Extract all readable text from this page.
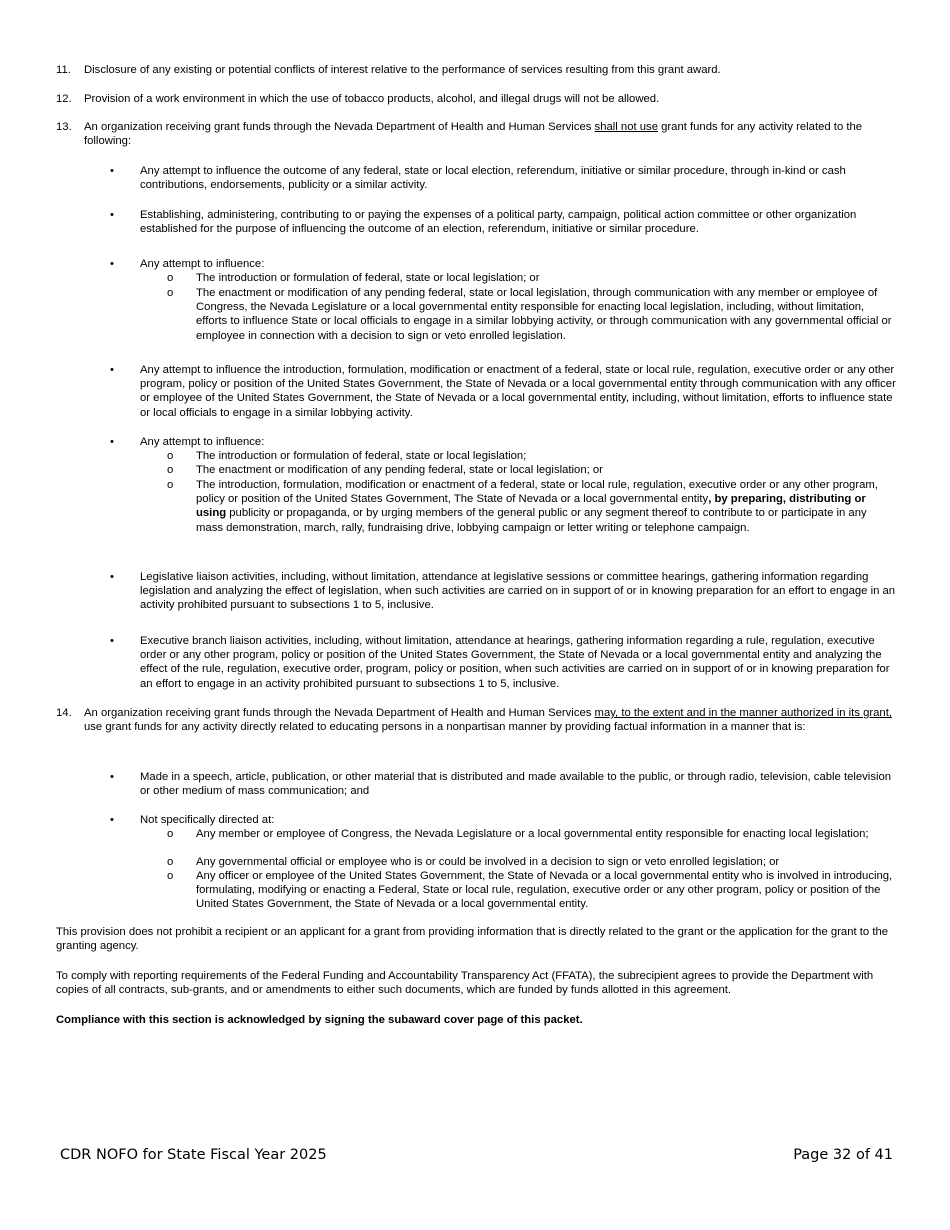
11. Disclosure of any existing or potential conflicts of interest relative to the performance of services resulting from this grant award.
12. Provision of a work environment in which the use of tobacco products, alcohol, and illegal drugs will not be allowed.
13. An organization receiving grant funds through the Nevada Department of Health and Human Services shall not use grant funds for any activity related to the following:
• Any attempt to influence the outcome of any federal, state or local election, referendum, initiative or similar procedure, through in-kind or cash contributions, endorsements, publicity or a similar activity.
• Establishing, administering, contributing to or paying the expenses of a political party, campaign, political action committee or other organization established for the purpose of influencing the outcome of an election, referendum, initiative or similar procedure.
• Any attempt to influence:
o The introduction or formulation of federal, state or local legislation; or
o The enactment or modification of any pending federal, state or local legislation, through communication with any member or employee of Congress, the Nevada Legislature or a local governmental entity responsible for enacting local legislation, including, without limitation, efforts to influence State or local officials to engage in a similar lobbying activity, or through communication with any governmental official or employee in connection with a decision to sign or veto enrolled legislation.
• Any attempt to influence the introduction, formulation, modification or enactment of a federal, state or local rule, regulation, executive order or any other program, policy or position of the United States Government, the State of Nevada or a local governmental entity through communication with any officer or employee of the United States Government, the State of Nevada or a local governmental entity, including, without limitation, efforts to influence state or local officials to engage in a similar lobbying activity.
• Any attempt to influence:
o The introduction or formulation of federal, state or local legislation;
o The enactment or modification of any pending federal, state or local legislation; or
o The introduction, formulation, modification or enactment of a federal, state or local rule, regulation, executive order or any other program, policy or position of the United States Government, The State of Nevada or a local governmental entity, by preparing, distributing or using publicity or propaganda, or by urging members of the general public or any segment thereof to contribute to or participate in any mass demonstration, march, rally, fundraising drive, lobbying campaign or letter writing or telephone campaign.
• Legislative liaison activities, including, without limitation, attendance at legislative sessions or committee hearings, gathering information regarding legislation and analyzing the effect of legislation, when such activities are carried on in support of or in knowing preparation for an effort to engage in an activity prohibited pursuant to subsections 1 to 5, inclusive.
• Executive branch liaison activities, including, without limitation, attendance at hearings, gathering information regarding a rule, regulation, executive order or any other program, policy or position of the United States Government, the State of Nevada or a local governmental entity and analyzing the effect of the rule, regulation, executive order, program, policy or position, when such activities are carried on in support of or in knowing preparation for an effort to engage in an activity prohibited pursuant to subsections 1 to 5, inclusive.
14. An organization receiving grant funds through the Nevada Department of Health and Human Services may, to the extent and in the manner authorized in its grant, use grant funds for any activity directly related to educating persons in a nonpartisan manner by providing factual information in a manner that is:
• Made in a speech, article, publication, or other material that is distributed and made available to the public, or through radio, television, cable television or other medium of mass communication; and
• Not specifically directed at:
o Any member or employee of Congress, the Nevada Legislature or a local governmental entity responsible for enacting local legislation;
o Any governmental official or employee who is or could be involved in a decision to sign or veto enrolled legislation; or
o Any officer or employee of the United States Government, the State of Nevada or a local governmental entity who is involved in introducing, formulating, modifying or enacting a Federal, State or local rule, regulation, executive order or any other program, policy or position of the United States Government, the State of Nevada or a local governmental entity.
This provision does not prohibit a recipient or an applicant for a grant from providing information that is directly related to the grant or the application for the grant to the granting agency.
To comply with reporting requirements of the Federal Funding and Accountability Transparency Act (FFATA), the subrecipient agrees to provide the Department with copies of all contracts, sub-grants, and or amendments to either such documents, which are funded by funds allotted in this agreement.
Compliance with this section is acknowledged by signing the subaward cover page of this packet.
CDR NOFO for State Fiscal Year 2025	Page 32 of 41
